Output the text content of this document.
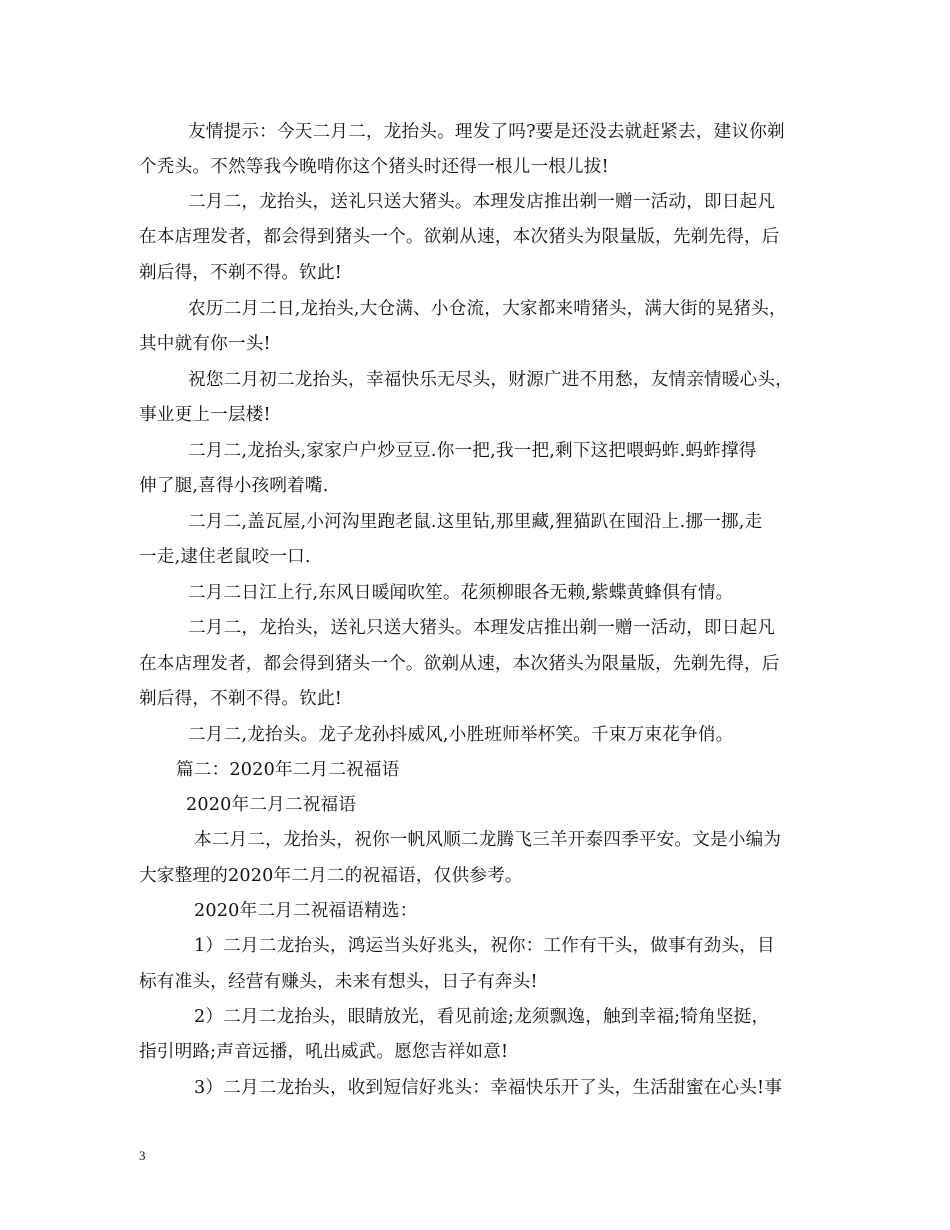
友情提示：今天二月二，龙抬头。理发了吗?要是还没去就赶紧去，建议你剃
个秃头。不然等我今晚啃你这个猪头时还得一根儿一根儿拔!
二月二，龙抬头，送礼只送大猪头。本理发店推出剃一赠一活动，即日起凡
在本店理发者，都会得到猪头一个。欲剃从速，本次猪头为限量版，先剃先得，后
剃后得，不剃不得。钦此!
农历二月二日,龙抬头,大仓满、小仓流，大家都来啃猪头，满大街的晃猪头，
其中就有你一头!
祝您二月初二龙抬头，幸福快乐无尽头，财源广进不用愁，友情亲情暖心头，
事业更上一层楼!
二月二,龙抬头,家家户户炒豆豆.你一把,我一把,剩下这把喂蚂蚱.蚂蚱撑得
伸了腿,喜得小孩咧着嘴.
二月二,盖瓦屋,小河沟里跑老鼠.这里钻,那里藏,狸猫趴在囤沿上.挪一挪,走
一走,逮住老鼠咬一口.
二月二日江上行,东风日暖闻吹笙。花须柳眼各无赖,紫蝶黄蜂俱有情。
二月二，龙抬头，送礼只送大猪头。本理发店推出剃一赠一活动，即日起凡
在本店理发者，都会得到猪头一个。欲剃从速，本次猪头为限量版，先剃先得，后
剃后得，不剃不得。钦此!
二月二,龙抬头。龙子龙孙抖威风,小胜班师举杯笑。千束万束花争俏。
篇二：2020年二月二祝福语
2020年二月二祝福语
本二月二，龙抬头，祝你一帆风顺二龙腾飞三羊开泰四季平安。文是小编为
大家整理的2020年二月二的祝福语，仅供参考。
2020年二月二祝福语精选：
1）二月二龙抬头，鸿运当头好兆头，祝你：工作有干头，做事有劲头，目
标有准头，经营有赚头，未来有想头，日子有奔头!
2）二月二龙抬头，眼睛放光，看见前途;龙须飘逸，触到幸福;犄角坚挺，
指引明路;声音远播，吼出威武。愿您吉祥如意!
3）二月二龙抬头，收到短信好兆头：幸福快乐开了头，生活甜蜜在心头!事
3
